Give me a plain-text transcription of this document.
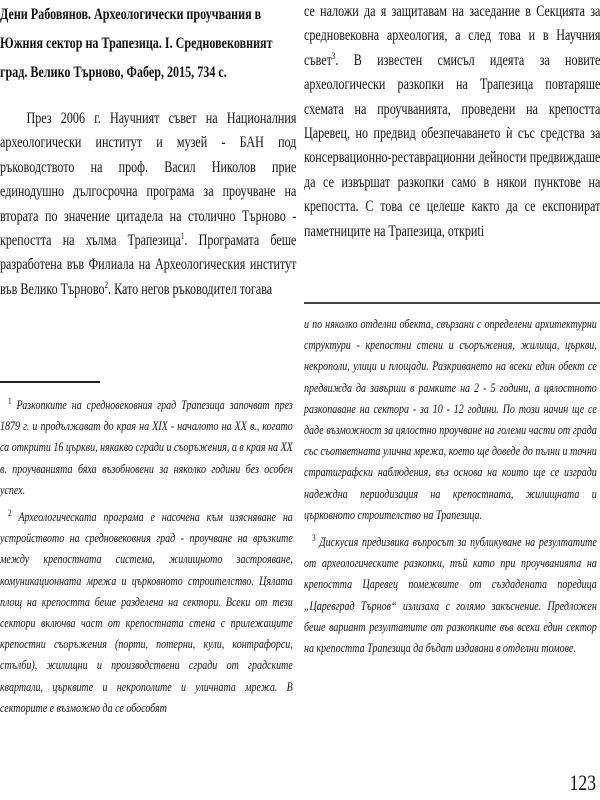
Дени Рабовянов. Археологически проучвания в Южния сектор на Трапезица. I. Средновековният град. Велико Търново, Фабер, 2015, 734 с.

През 2006 г. Научният съвет на Националния археологически институт и музей - БАН под ръководството на проф. Васил Николов прие единодушно дългосрочна програма за проучване на втората по значение цитадела на столично Търново - крепостта на хълма Трапезица$^1$. Програмата беше разработена във Филиала на Археологическия институт във Велико Търново$^2$. Като негов ръководител тогава

$^1$ Разкопките на средновековния град Трапезица започват през 1879 г. и продължават до края на XIX - началото на XX в., когато са открити 16 църкви, някакво сгради и съоръжения, а в края на XX в. проучванията бяха възобновени за няколко години без особен успех.

$^2$ Археологическата програма е насочена към изясняване на устройството на средновековния град - проучване на връзките между крепостната система, жилищното застрояване, комуникационната мрежа и църковното строителство. Цялата площ на крепостта беше разделена на сектори. Всеки от тези сектори включва част от крепостната стена с прилежащите крепостни съоръжения (порти, потерни, кули, контрафорси, стълби), жилищни и производствени сгради от градските квартали, църквите и некрополите и уличната мрежа. В секторите е възможно да се обособят

се наложи да я защитавам на заседание в Секцията за средновековна археология, а след това и в Научния съвет$^3$. В известен смисъл идеята за новите археологически разкопки на Трапезица повтаряше схемата на проучванията, проведени на крепостта Царевец, но предвид обезпечаването ѝ със средства за консервационно-реставрационни дейности предвиждаше да се извършат разкопки само в някои пунктове на крепостта. С това се целеше както да се експонират паметниците на Трапезица, откриti

и по няколко отделни обекта, свързани с определени архитектурни структури - крепостни стени и съоръжения, жилища, църкви, некрополи, улици и площади. Разкриването на всеки един обект се предвижда да завърши в рамките на 2 - 5 години, а цялостното разкопаване на сектора - за 10 - 12 години. По този начин ще се даде възможност за цялостно проучване на големи части от града със съответната улична мрежа, което ще доведе до пълни и точни стратиграфски наблюдения, въз основа на които ще се изгради надеждна периодизация на крепостната, жилищната и църковното строителство на Трапезица.

$^3$ Дискусия предизвика въпросът за публикуване на резултатите от археологическите разкопки, тъй като при проучванията на крепостта Царевец помежвите от създадената поредица „Царевград Търнов“ излизаха с голямо закъснение. Предложен беше вариант резултатите от разкопките във всеки един сектор на крепостта Трапезица да бъдат издавани в отделни томове.

123
